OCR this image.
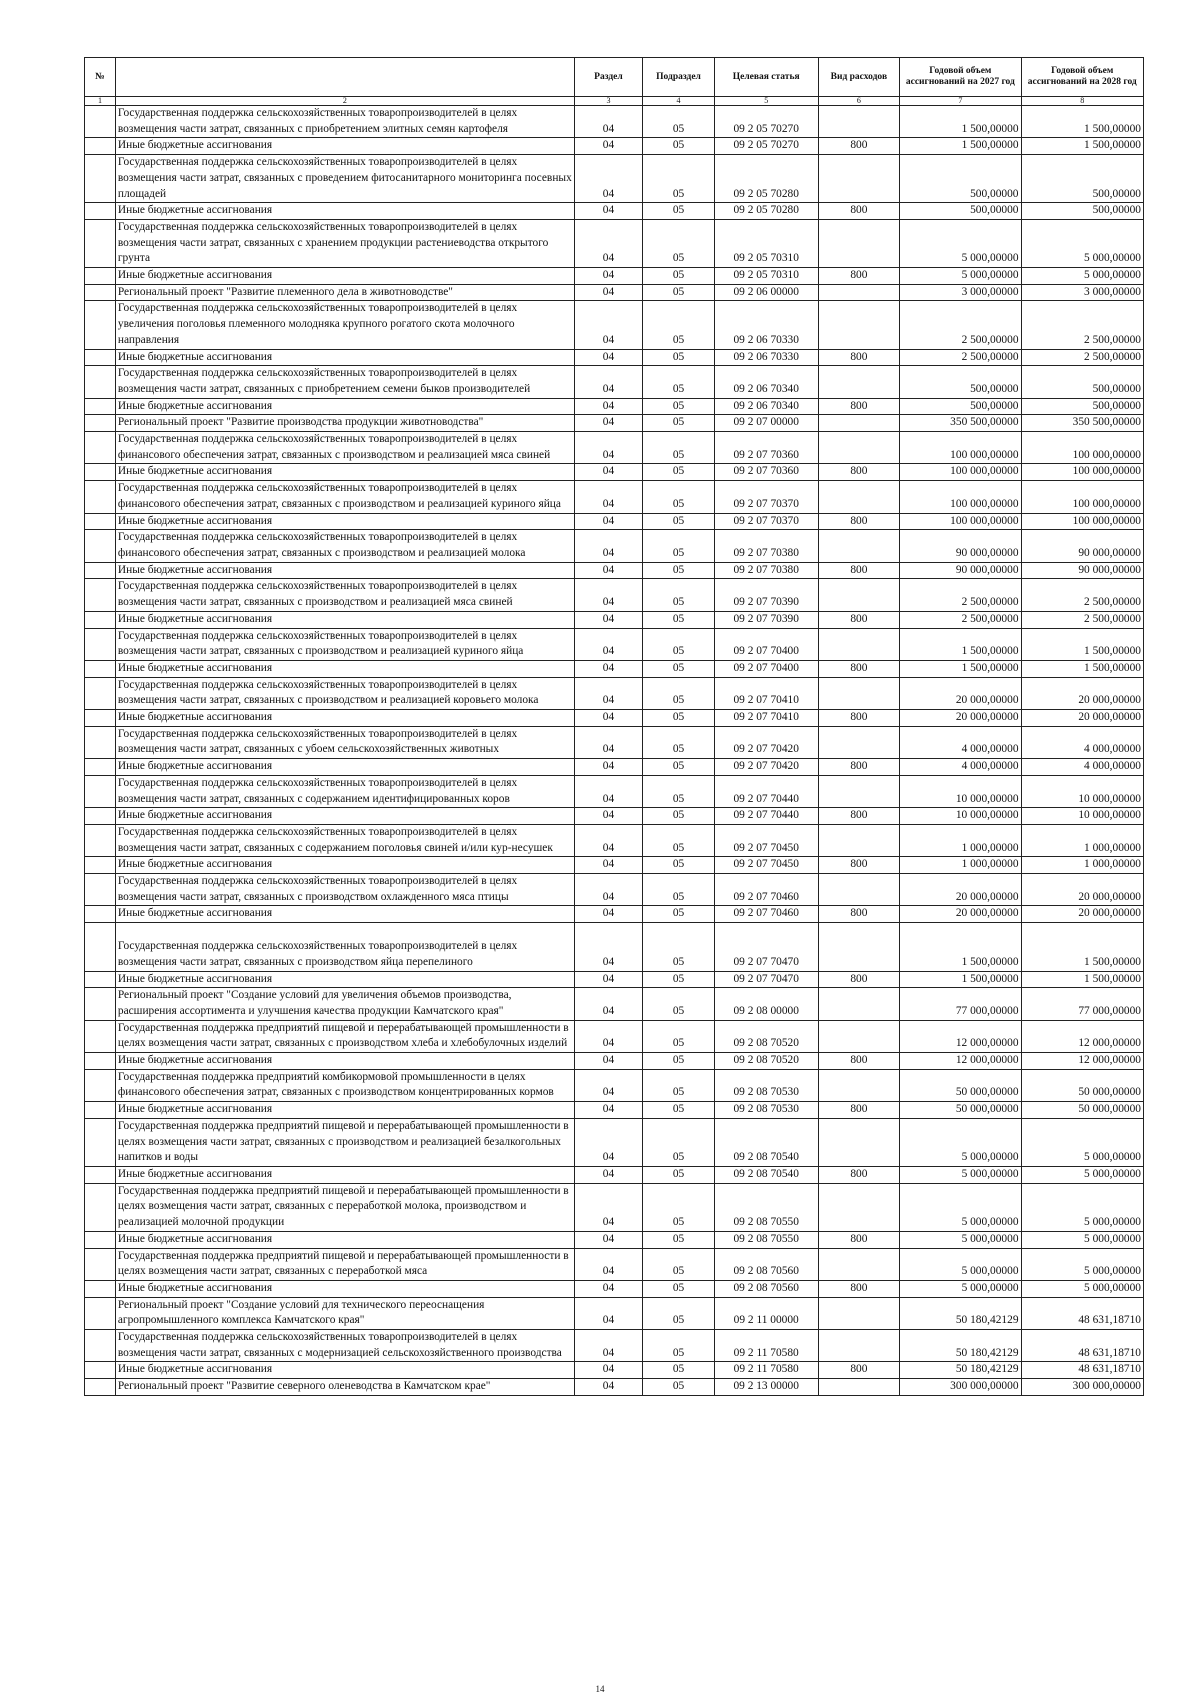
№		Раздел	Подраздел	Целевая статья	Вид расходов	Годовой объем ассигнований на 2027 год	Годовой объем ассигнований на 2028 год
1	2	3	4	5	6	7	8
	Государственная поддержка сельскохозяйственных товаропроизводителей в целях возмещения части затрат, связанных с приобретением элитных семян картофеля	04	05	09 2 05 70270		1 500,00000	1 500,00000
	Иные бюджетные ассигнования	04	05	09 2 05 70270	800	1 500,00000	1 500,00000
	Государственная поддержка сельскохозяйственных товаропроизводителей в целях возмещения части затрат, связанных с проведением фитосанитарного мониторинга посевных площадей	04	05	09 2 05 70280		500,00000	500,00000
	Иные бюджетные ассигнования	04	05	09 2 05 70280	800	500,00000	500,00000
	Государственная поддержка сельскохозяйственных товаропроизводителей в целях возмещения части затрат, связанных с хранением продукции растениеводства открытого грунта	04	05	09 2 05 70310		5 000,00000	5 000,00000
	Иные бюджетные ассигнования	04	05	09 2 05 70310	800	5 000,00000	5 000,00000
	Региональный проект "Развитие племенного дела в животноводстве"	04	05	09 2 06 00000		3 000,00000	3 000,00000
	Государственная поддержка сельскохозяйственных товаропроизводителей в целях увеличения поголовья племенного молодняка крупного рогатого скота молочного направления	04	05	09 2 06 70330		2 500,00000	2 500,00000
	Иные бюджетные ассигнования	04	05	09 2 06 70330	800	2 500,00000	2 500,00000
	Государственная поддержка сельскохозяйственных товаропроизводителей в целях возмещения части затрат, связанных с приобретением семени быков производителей	04	05	09 2 06 70340		500,00000	500,00000
	Иные бюджетные ассигнования	04	05	09 2 06 70340	800	500,00000	500,00000
	Региональный проект "Развитие производства продукции животноводства"	04	05	09 2 07 00000		350 500,00000	350 500,00000
	Государственная поддержка сельскохозяйственных товаропроизводителей в целях финансового обеспечения затрат, связанных с производством и реализацией мяса свиней	04	05	09 2 07 70360		100 000,00000	100 000,00000
	Иные бюджетные ассигнования	04	05	09 2 07 70360	800	100 000,00000	100 000,00000
	Государственная поддержка сельскохозяйственных товаропроизводителей в целях финансового обеспечения затрат, связанных с производством и реализацией куриного яйца	04	05	09 2 07 70370		100 000,00000	100 000,00000
	Иные бюджетные ассигнования	04	05	09 2 07 70370	800	100 000,00000	100 000,00000
	Государственная поддержка сельскохозяйственных товаропроизводителей в целях финансового обеспечения затрат, связанных с производством и реализацией молока	04	05	09 2 07 70380		90 000,00000	90 000,00000
	Иные бюджетные ассигнования	04	05	09 2 07 70380	800	90 000,00000	90 000,00000
	Государственная поддержка сельскохозяйственных товаропроизводителей в целях возмещения части затрат, связанных с производством и реализацией мяса свиней	04	05	09 2 07 70390		2 500,00000	2 500,00000
	Иные бюджетные ассигнования	04	05	09 2 07 70390	800	2 500,00000	2 500,00000
	Государственная поддержка сельскохозяйственных товаропроизводителей в целях возмещения части затрат, связанных с производством и реализацией куриного яйца	04	05	09 2 07 70400		1 500,00000	1 500,00000
	Иные бюджетные ассигнования	04	05	09 2 07 70400	800	1 500,00000	1 500,00000
	Государственная поддержка сельскохозяйственных товаропроизводителей в целях возмещения части затрат, связанных с производством и реализацией коровьего молока	04	05	09 2 07 70410		20 000,00000	20 000,00000
	Иные бюджетные ассигнования	04	05	09 2 07 70410	800	20 000,00000	20 000,00000
	Государственная поддержка сельскохозяйственных товаропроизводителей в целях возмещения части затрат, связанных с убоем сельскохозяйственных животных	04	05	09 2 07 70420		4 000,00000	4 000,00000
	Иные бюджетные ассигнования	04	05	09 2 07 70420	800	4 000,00000	4 000,00000
	Государственная поддержка сельскохозяйственных товаропроизводителей в целях возмещения части затрат, связанных с содержанием идентифицированных коров	04	05	09 2 07 70440		10 000,00000	10 000,00000
	Иные бюджетные ассигнования	04	05	09 2 07 70440	800	10 000,00000	10 000,00000
	Государственная поддержка сельскохозяйственных товаропроизводителей в целях возмещения части затрат, связанных с содержанием поголовья свиней и/или кур-несушек	04	05	09 2 07 70450		1 000,00000	1 000,00000
	Иные бюджетные ассигнования	04	05	09 2 07 70450	800	1 000,00000	1 000,00000
	Государственная поддержка сельскохозяйственных товаропроизводителей в целях возмещения части затрат, связанных с производством охлажденного мяса птицы	04	05	09 2 07 70460		20 000,00000	20 000,00000
	Иные бюджетные ассигнования	04	05	09 2 07 70460	800	20 000,00000	20 000,00000
	Государственная поддержка сельскохозяйственных товаропроизводителей в целях возмещения части затрат, связанных с производством яйца перепелиного	04	05	09 2 07 70470		1 500,00000	1 500,00000
	Иные бюджетные ассигнования	04	05	09 2 07 70470	800	1 500,00000	1 500,00000
	Региональный проект "Создание условий для увеличения объемов производства, расширения ассортимента и улучшения качества продукции Камчатского края"	04	05	09 2 08 00000		77 000,00000	77 000,00000
	Государственная поддержка предприятий пищевой и перерабатывающей промышленности в целях возмещения части затрат, связанных с производством хлеба и хлебобулочных изделий	04	05	09 2 08 70520		12 000,00000	12 000,00000
	Иные бюджетные ассигнования	04	05	09 2 08 70520	800	12 000,00000	12 000,00000
	Государственная поддержка предприятий комбикормовой промышленности в целях финансового обеспечения затрат, связанных с производством концентрированных кормов	04	05	09 2 08 70530		50 000,00000	50 000,00000
	Иные бюджетные ассигнования	04	05	09 2 08 70530	800	50 000,00000	50 000,00000
	Государственная поддержка предприятий пищевой и перерабатывающей промышленности в целях возмещения части затрат, связанных с производством и реализацией безалкогольных напитков и воды	04	05	09 2 08 70540		5 000,00000	5 000,00000
	Иные бюджетные ассигнования	04	05	09 2 08 70540	800	5 000,00000	5 000,00000
	Государственная поддержка предприятий пищевой и перерабатывающей промышленности в целях возмещения части затрат, связанных с переработкой молока, производством и реализацией молочной продукции	04	05	09 2 08 70550		5 000,00000	5 000,00000
	Иные бюджетные ассигнования	04	05	09 2 08 70550	800	5 000,00000	5 000,00000
	Государственная поддержка предприятий пищевой и перерабатывающей промышленности в целях возмещения части затрат, связанных с переработкой мяса	04	05	09 2 08 70560		5 000,00000	5 000,00000
	Иные бюджетные ассигнования	04	05	09 2 08 70560	800	5 000,00000	5 000,00000
	Региональный проект "Создание условий для технического переоснащения агропромышленного комплекса Камчатского края"	04	05	09 2 11 00000		50 180,42129	48 631,18710
	Государственная поддержка сельскохозяйственных товаропроизводителей в целях возмещения части затрат, связанных с модернизацией сельскохозяйственного производства	04	05	09 2 11 70580		50 180,42129	48 631,18710
	Иные бюджетные ассигнования	04	05	09 2 11 70580	800	50 180,42129	48 631,18710
	Региональный проект "Развитие северного оленеводства в Камчатском крае"	04	05	09 2 13 00000		300 000,00000	300 000,00000
14
